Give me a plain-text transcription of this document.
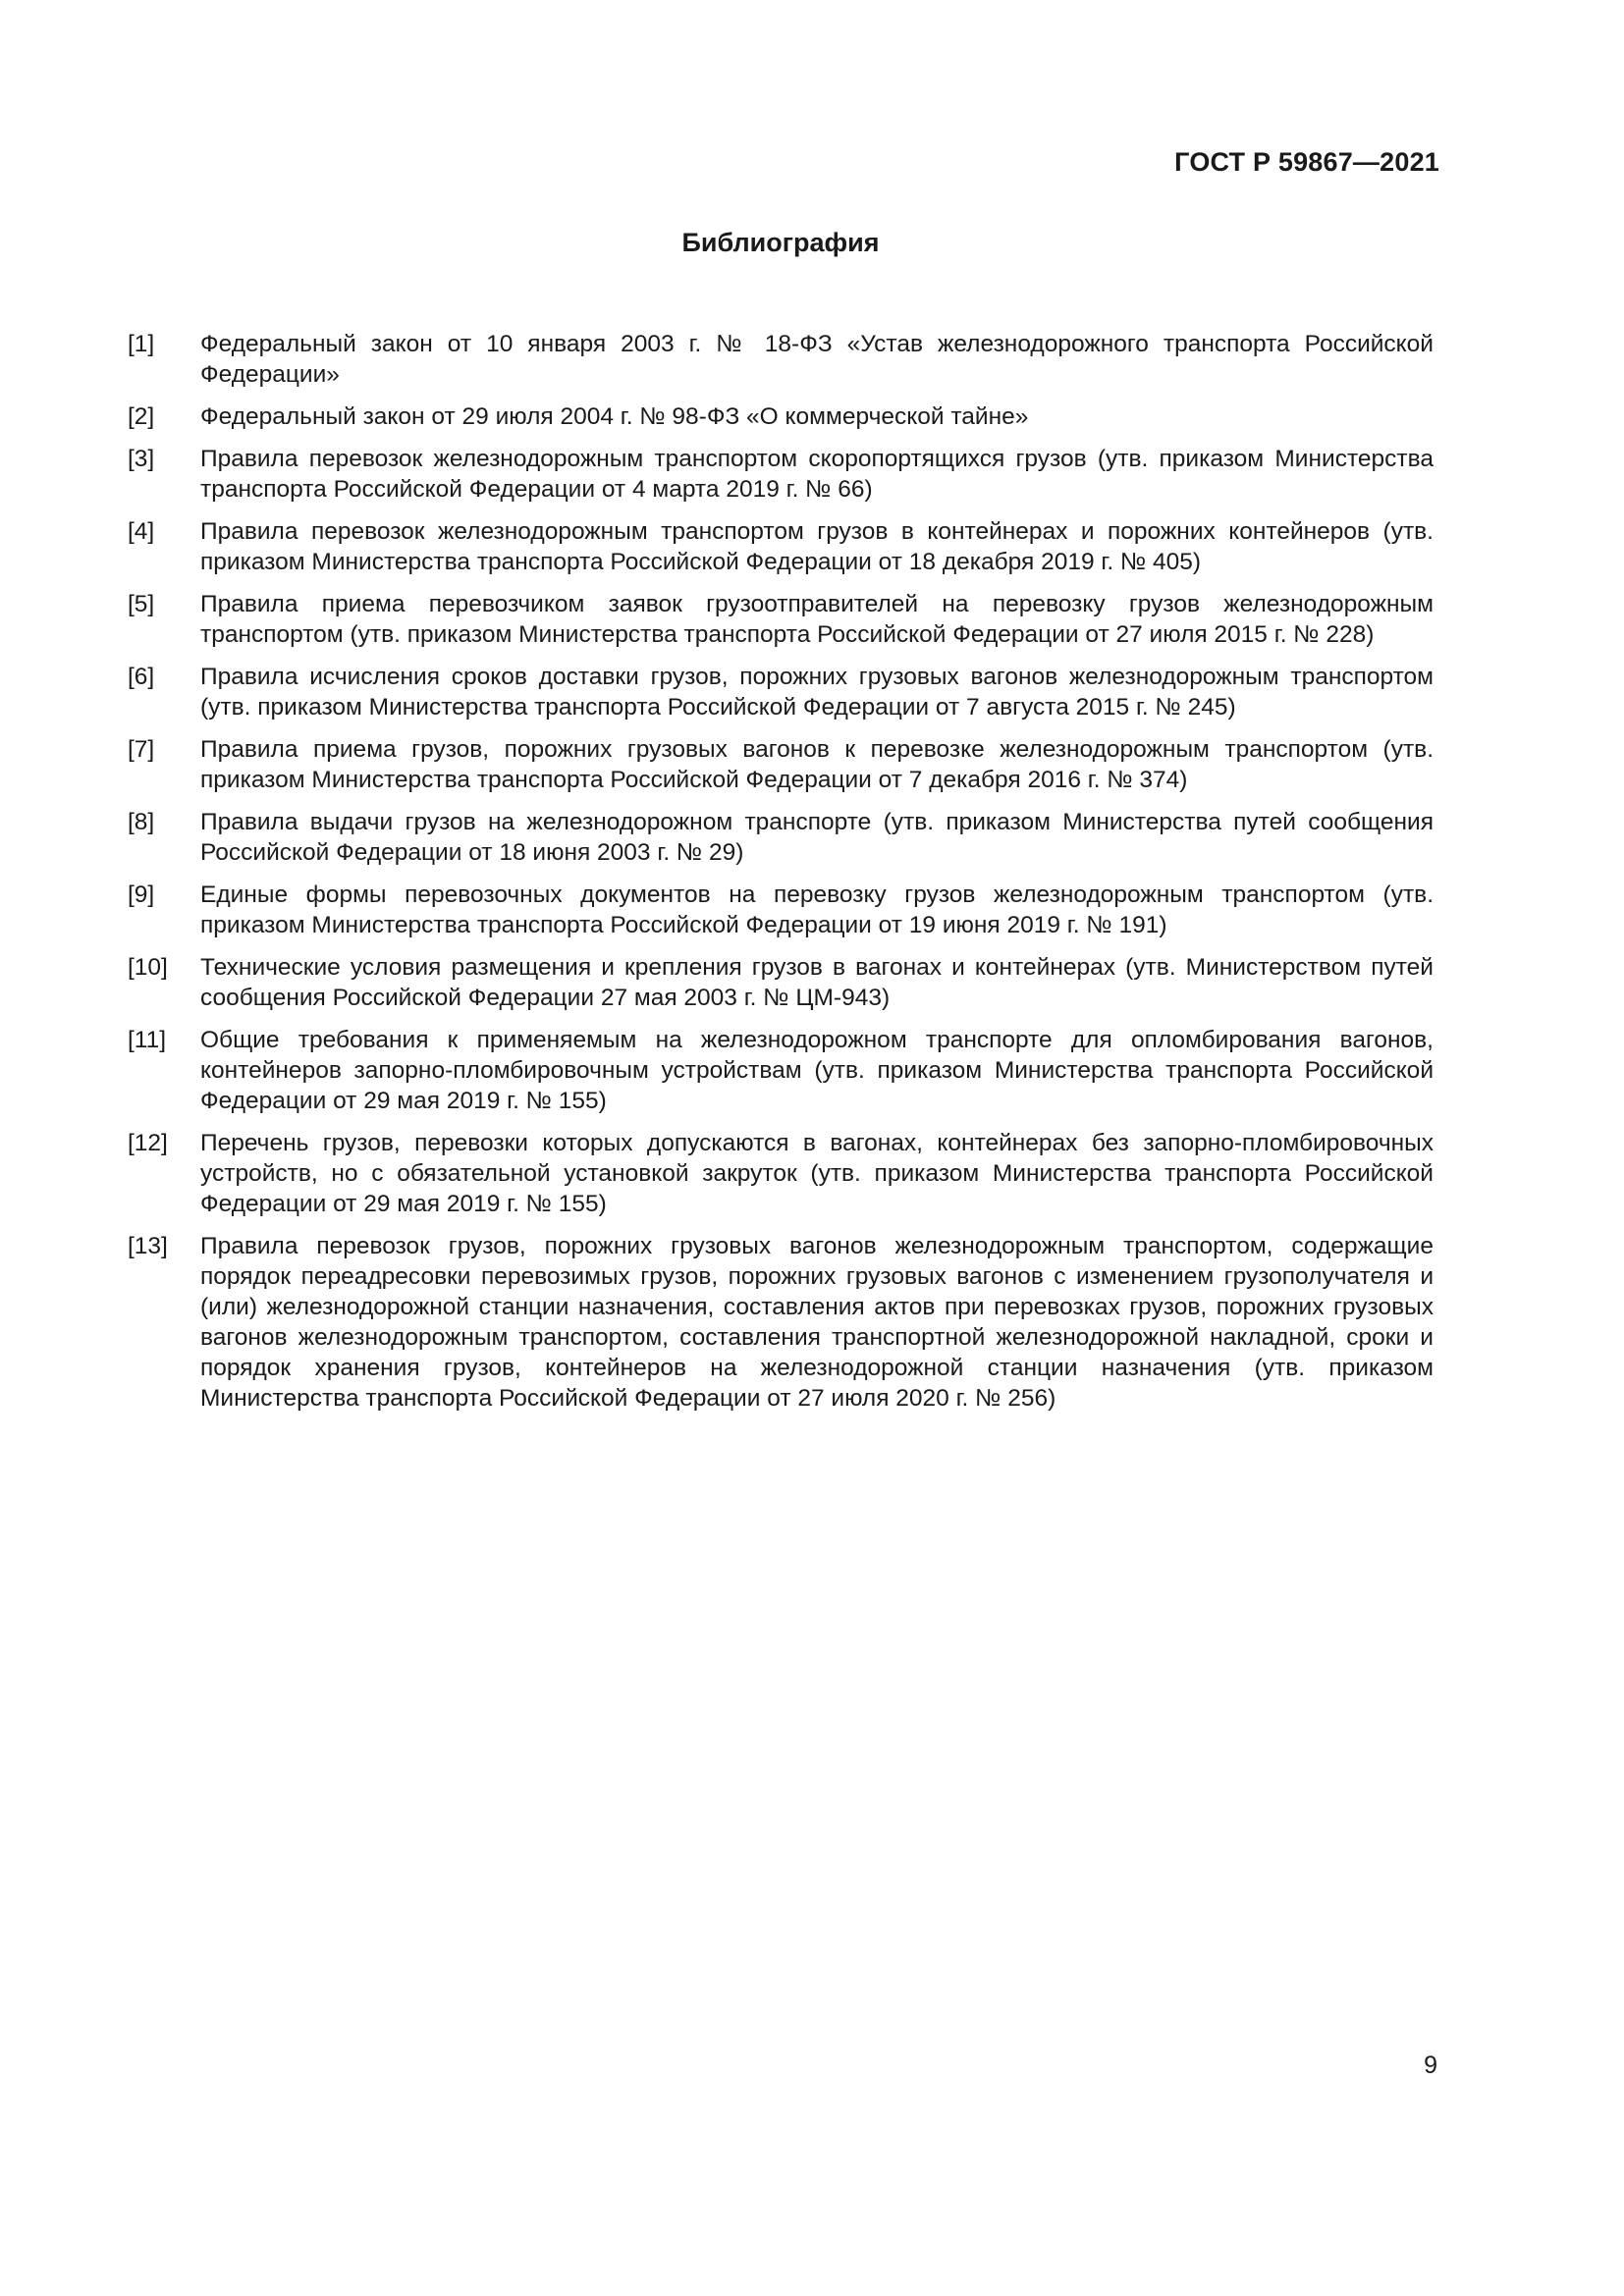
ГОСТ Р 59867—2021
Библиография
[1]	Федеральный закон от 10 января 2003 г. № 18-ФЗ «Устав железнодорожного транспорта Российской Федерации»
[2]	Федеральный закон от 29 июля 2004 г. № 98-ФЗ «О коммерческой тайне»
[3]	Правила перевозок железнодорожным транспортом скоропортящихся грузов (утв. приказом Министерства транспорта Российской Федерации от 4 марта 2019 г. № 66)
[4]	Правила перевозок железнодорожным транспортом грузов в контейнерах и порожних контейнеров (утв. приказом Министерства транспорта Российской Федерации от 18 декабря 2019 г. № 405)
[5]	Правила приема перевозчиком заявок грузоотправителей на перевозку грузов железнодорожным транспортом (утв. приказом Министерства транспорта Российской Федерации от 27 июля 2015 г. № 228)
[6]	Правила исчисления сроков доставки грузов, порожних грузовых вагонов железнодорожным транспортом (утв. приказом Министерства транспорта Российской Федерации от 7 августа 2015 г. № 245)
[7]	Правила приема грузов, порожних грузовых вагонов к перевозке железнодорожным транспортом (утв. приказом Министерства транспорта Российской Федерации от 7 декабря 2016 г. № 374)
[8]	Правила выдачи грузов на железнодорожном транспорте (утв. приказом Министерства путей сообщения Российской Федерации от 18 июня 2003 г. № 29)
[9]	Единые формы перевозочных документов на перевозку грузов железнодорожным транспортом (утв. приказом Министерства транспорта Российской Федерации от 19 июня 2019 г. № 191)
[10]	Технические условия размещения и крепления грузов в вагонах и контейнерах (утв. Министерством путей сообщения Российской Федерации 27 мая 2003 г. № ЦМ-943)
[11]	Общие требования к применяемым на железнодорожном транспорте для опломбирования вагонов, контейнеров запорно-пломбировочным устройствам (утв. приказом Министерства транспорта Российской Федерации от 29 мая 2019 г. № 155)
[12]	Перечень грузов, перевозки которых допускаются в вагонах, контейнерах без запорно-пломбировочных устройств, но с обязательной установкой закруток (утв. приказом Министерства транспорта Российской Федерации от 29 мая 2019 г. № 155)
[13]	Правила перевозок грузов, порожних грузовых вагонов железнодорожным транспортом, содержащие порядок переадресовки перевозимых грузов, порожних грузовых вагонов с изменением грузополучателя и (или) железнодорожной станции назначения, составления актов при перевозках грузов, порожних грузовых вагонов железнодорожным транспортом, составления транспортной железнодорожной накладной, сроки и порядок хранения грузов, контейнеров на железнодорожной станции назначения (утв. приказом Министерства транспорта Российской Федерации от 27 июля 2020 г. № 256)
9
